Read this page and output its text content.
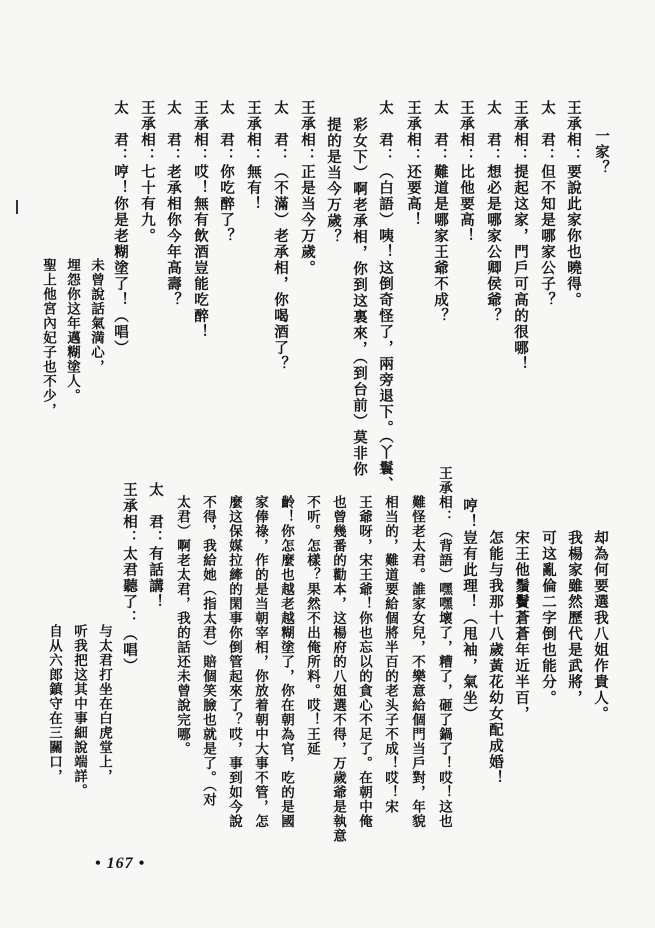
一家？
王承相：要說此家你也曉得。
太　君：但不知是哪家公子？
王承相：提起这家，門戶可高的很哪！
太　君：想必是哪家公卿侯爺？
王承相：比他要高！
太　君：難道是哪家王爺不成？
王承相：还要高！
太　君：（白語）咦！这倒奇怪了，兩旁退下。（丫鬟、
彩女下）啊老承相，你到这裏來，（到台前）莫非你
提的是当今万歲？
王承相：正是当今万歲。
太　君：（不滿）老承相，你喝酒了？
王承相：無有！
太　君：你吃醉了？
王承相：哎！無有飲酒豈能吃醉！
太　君：老承相你今年高壽？
王承相：七十有九。
太　君：哼！你是老糊塗了！（唱）
　　　　未曾說話氣満心，
　　　　埋怨你这年邁糊塗人。
　　　　聖上他宮內妃子也不少，
　　　　却為何要選我八姐作貴人。
　　　　我楊家雖然歷代是武將，
　　　　可这亂倫二字倒也能分。
　　　　宋王他鬚鬢蒼蒼年近半百，
　　　　怎能与我那十八歲黃花幼女配成婚！
　　哼！豈有此理！（甩袖，氣坐）
王承相：（背語）嘿嘿壞了，糟了，砸了鍋了！哎！这也
　　難怪老太君。誰家女兒，不樂意給個門当戶對，年貌
　　相当的，難道要給個將半百的老头子不成！哎！宋
　　王爺呀，宋王爺！你也忘以的貪心不足了。在朝中俺
　　也曾幾番的勸本，这楊府的八姐選不得，万歲爺是執意
　　不听。怎樣？果然不出俺所料。哎！王延
　　齡！你怎麼也越老越糊塗了，你在朝為官，吃的是國
　　家俸祿，作的是当朝宰相，你放着朝中大事不管，怎
　　麼这保媒拉縴的閑事你倒管起來了？哎，事到如今說
　　不得，我給她（指太君）賠個笑臉也就是了。（对
　　太君）啊老太君，我的話还未曾說完哪。
太　君：有話講！
王承相：太君聽了：（唱）
　　　　与太君打坐在白虎堂上，
　　　　听我把这其中事細說端詳。
　　　　自从六郎鎮守在三關口，
• 167 •
